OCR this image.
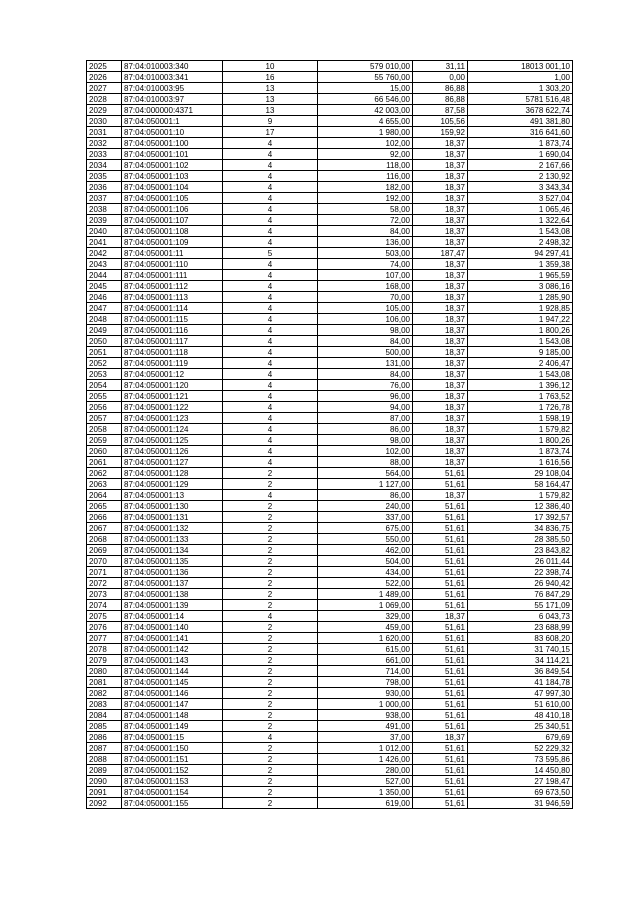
2025	87:04:010003:340	10	579 010,00	31,11	18013 001,10
2026	87:04:010003:341	16	55 760,00	0,00	1,00
2027	87:04:010003:95	13	15,00	86,88	1 303,20
2028	87:04:010003:97	13	66 546,00	86,88	5781 516,48
2029	87:04:000000:4371	13	42 003,00	87,58	3678 622,74
2030	87:04:050001:1	9	4 655,00	105,56	491 381,80
2031	87:04:050001:10	17	1 980,00	159,92	316 641,60
2032	87:04:050001:100	4	102,00	18,37	1 873,74
2033	87:04:050001:101	4	92,00	18,37	1 690,04
2034	87:04:050001:102	4	118,00	18,37	2 167,66
2035	87:04:050001:103	4	116,00	18,37	2 130,92
2036	87:04:050001:104	4	182,00	18,37	3 343,34
2037	87:04:050001:105	4	192,00	18,37	3 527,04
2038	87:04:050001:106	4	58,00	18,37	1 065,46
2039	87:04:050001:107	4	72,00	18,37	1 322,64
2040	87:04:050001:108	4	84,00	18,37	1 543,08
2041	87:04:050001:109	4	136,00	18,37	2 498,32
2042	87:04:050001:11	5	503,00	187,47	94 297,41
2043	87:04:050001:110	4	74,00	18,37	1 359,38
2044	87:04:050001:111	4	107,00	18,37	1 965,59
2045	87:04:050001:112	4	168,00	18,37	3 086,16
2046	87:04:050001:113	4	70,00	18,37	1 285,90
2047	87:04:050001:114	4	105,00	18,37	1 928,85
2048	87:04:050001:115	4	106,00	18,37	1 947,22
2049	87:04:050001:116	4	98,00	18,37	1 800,26
2050	87:04:050001:117	4	84,00	18,37	1 543,08
2051	87:04:050001:118	4	500,00	18,37	9 185,00
2052	87:04:050001:119	4	131,00	18,37	2 406,47
2053	87:04:050001:12	4	84,00	18,37	1 543,08
2054	87:04:050001:120	4	76,00	18,37	1 396,12
2055	87:04:050001:121	4	96,00	18,37	1 763,52
2056	87:04:050001:122	4	94,00	18,37	1 726,78
2057	87:04:050001:123	4	87,00	18,37	1 598,19
2058	87:04:050001:124	4	86,00	18,37	1 579,82
2059	87:04:050001:125	4	98,00	18,37	1 800,26
2060	87:04:050001:126	4	102,00	18,37	1 873,74
2061	87:04:050001:127	4	88,00	18,37	1 616,56
2062	87:04:050001:128	2	564,00	51,61	29 108,04
2063	87:04:050001:129	2	1 127,00	51,61	58 164,47
2064	87:04:050001:13	4	86,00	18,37	1 579,82
2065	87:04:050001:130	2	240,00	51,61	12 386,40
2066	87:04:050001:131	2	337,00	51,61	17 392,57
2067	87:04:050001:132	2	675,00	51,61	34 836,75
2068	87:04:050001:133	2	550,00	51,61	28 385,50
2069	87:04:050001:134	2	462,00	51,61	23 843,82
2070	87:04:050001:135	2	504,00	51,61	26 011,44
2071	87:04:050001:136	2	434,00	51,61	22 398,74
2072	87:04:050001:137	2	522,00	51,61	26 940,42
2073	87:04:050001:138	2	1 489,00	51,61	76 847,29
2074	87:04:050001:139	2	1 069,00	51,61	55 171,09
2075	87:04:050001:14	4	329,00	18,37	6 043,73
2076	87:04:050001:140	2	459,00	51,61	23 688,99
2077	87:04:050001:141	2	1 620,00	51,61	83 608,20
2078	87:04:050001:142	2	615,00	51,61	31 740,15
2079	87:04:050001:143	2	661,00	51,61	34 114,21
2080	87:04:050001:144	2	714,00	51,61	36 849,54
2081	87:04:050001:145	2	798,00	51,61	41 184,78
2082	87:04:050001:146	2	930,00	51,61	47 997,30
2083	87:04:050001:147	2	1 000,00	51,61	51 610,00
2084	87:04:050001:148	2	938,00	51,61	48 410,18
2085	87:04:050001:149	2	491,00	51,61	25 340,51
2086	87:04:050001:15	4	37,00	18,37	679,69
2087	87:04:050001:150	2	1 012,00	51,61	52 229,32
2088	87:04:050001:151	2	1 426,00	51,61	73 595,86
2089	87:04:050001:152	2	280,00	51,61	14 450,80
2090	87:04:050001:153	2	527,00	51,61	27 198,47
2091	87:04:050001:154	2	1 350,00	51,61	69 673,50
2092	87:04:050001:155	2	619,00	51,61	31 946,59
